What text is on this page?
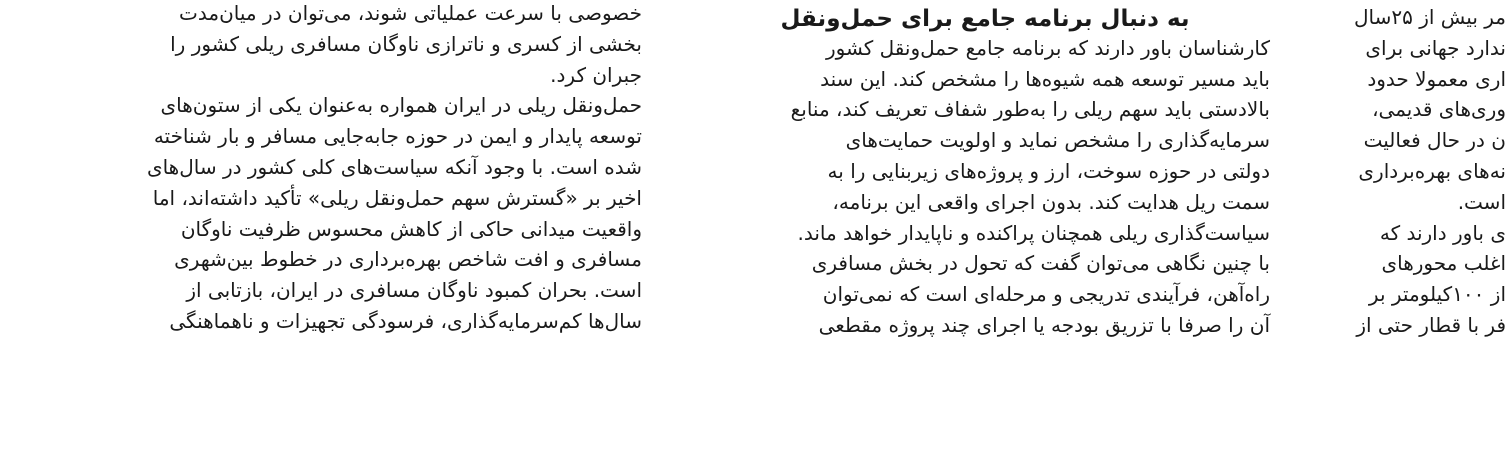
خصوصی با سرعت عملیاتی شوند، می‌توان در میان‌مدت
بخشی از کسری و ناترازی ناوگان مسافری ریلی کشور را
جبران کرد.
حمل‌ونقل ریلی در ایران همواره به‌عنوان یکی از ستون‌های
توسعه پایدار و ایمن در حوزه جابه‌جایی مسافر و بار شناخته
شده است. با وجود آنکه سیاست‌های کلی کشور در سال‌های
اخیر بر «گسترش سهم حمل‌ونقل ریلی» تأکید داشته‌اند، اما
واقعیت میدانی حاکی از کاهش محسوس ظرفیت ناوگان
مسافری و افت شاخص بهره‌برداری در خطوط بین‌شهری
است. بحران کمبود ناوگان مسافری در ایران، بازتابی از
سال‌ها کم‌سرمایه‌گذاری، فرسودگی تجهیزات و ناهماهنگی
به دنبال برنامه جامع برای حمل‌ونقل
کارشناسان باور دارند که برنامه جامع حمل‌ونقل کشور
باید مسیر توسعه همه شیوه‌ها را مشخص کند. این سند
بالادستی باید سهم ریلی را به‌طور شفاف تعریف کند، منابع
سرمایه‌گذاری را مشخص نماید و اولویت حمایت‌های
دولتی در حوزه سوخت، ارز و پروژه‌های زیربنایی را به
سمت ریل هدایت کند. بدون اجرای واقعی این برنامه،
سیاست‌گذاری ریلی همچنان پراکنده و ناپایدار خواهد ماند.
با چنین نگاهی می‌توان گفت که تحول در بخش مسافری
راه‌آهن، فرآیندی تدریجی و مرحله‌ای است که نمی‌توان
آن را صرفا با تزریق بودجه یا اجرای چند پروژه مقطعی
مر بیش از ۲۵سال
ندارد جهانی برای
اری معمولا حدود
وری‌های قدیمی،
ن در حال فعالیت
نه‌های بهره‌برداری
است.
ی باور دارند که
اغلب محورهای
از ۱۰۰کیلومتر بر
فر با قطار حتی از
